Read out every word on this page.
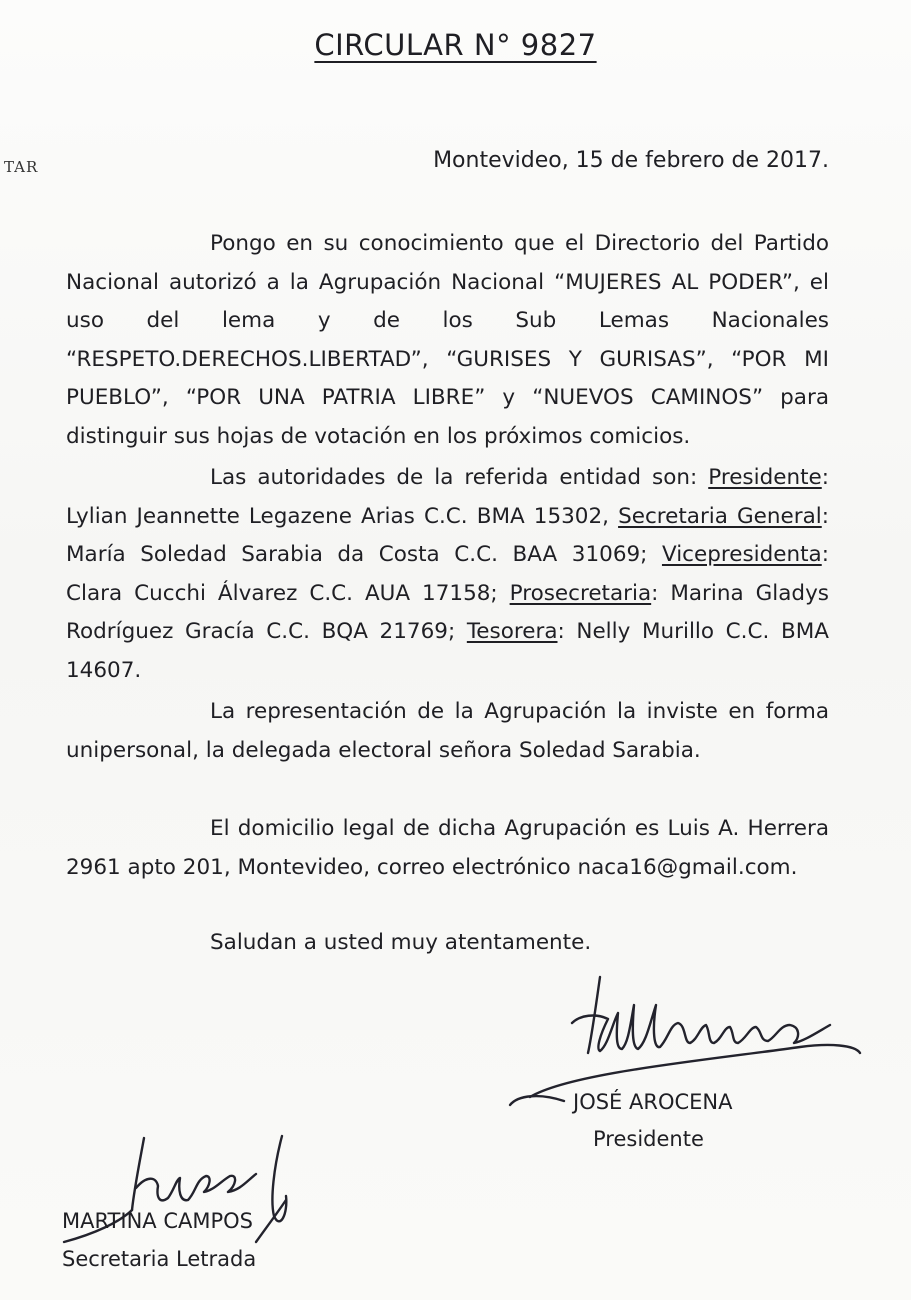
CIRCULAR N° 9827
TAR	Montevideo, 15 de febrero de 2017.
Pongo en su conocimiento que el Directorio del Partido Nacional autorizó a la Agrupación Nacional “MUJERES AL PODER”, el uso del lema y de los Sub Lemas Nacionales “RESPETO.DERECHOS.LIBERTAD”, “GURISES Y GURISAS”, “POR MI PUEBLO”, “POR UNA PATRIA LIBRE” y “NUEVOS CAMINOS” para distinguir sus hojas de votación en los próximos comicios.
Las autoridades de la referida entidad son: Presidente: Lylian Jeannette Legazene Arias C.C. BMA 15302, Secretaria General: María Soledad Sarabia da Costa C.C. BAA 31069; Vicepresidenta: Clara Cucchi Álvarez C.C. AUA 17158; Prosecretaria: Marina Gladys Rodríguez Gracía C.C. BQA 21769; Tesorera: Nelly Murillo C.C. BMA 14607.
La representación de la Agrupación la inviste en forma unipersonal, la delegada electoral señora Soledad Sarabia.
El domicilio legal de dicha Agrupación es Luis A. Herrera 2961 apto 201, Montevideo, correo electrónico naca16@gmail.com.
Saludan a usted muy atentamente.
JOSÉ AROCENA
Presidente
MARTINA CAMPOS
Secretaria Letrada
